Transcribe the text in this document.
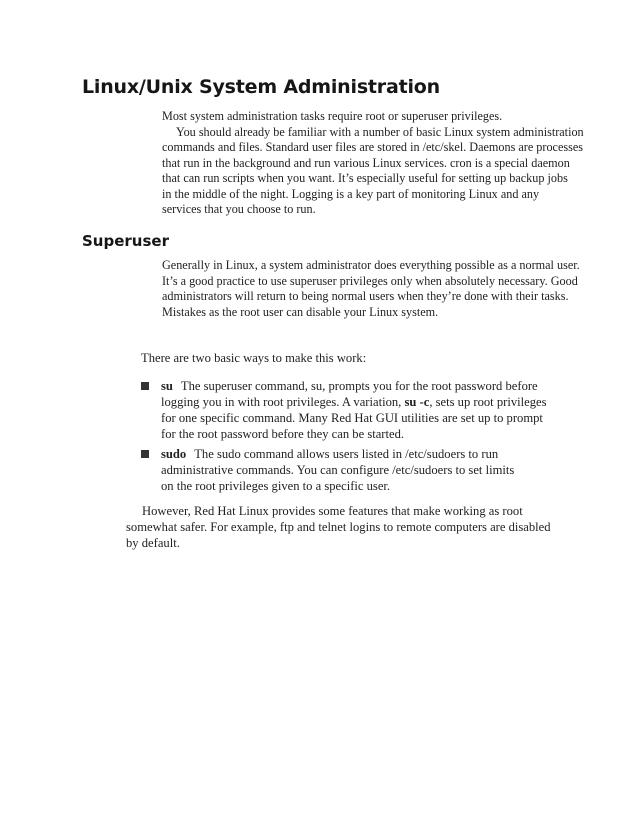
Linux/Unix System Administration
Most system administration tasks require root or superuser privileges.
You should already be familiar with a number of basic Linux system administration
commands and files. Standard user files are stored in /etc/skel. Daemons are processes
that run in the background and run various Linux services. cron is a special daemon
that can run scripts when you want. It’s especially useful for setting up backup jobs
in the middle of the night. Logging is a key part of monitoring Linux and any
services that you choose to run.
Superuser
Generally in Linux, a system administrator does everything possible as a normal user.
It’s a good practice to use superuser privileges only when absolutely necessary. Good
administrators will return to being normal users when they’re done with their tasks.
Mistakes as the root user can disable your Linux system.
There are two basic ways to make this work:
su The superuser command, su, prompts you for the root password before
logging you in with root privileges. A variation, su -c, sets up root privileges
for one specific command. Many Red Hat GUI utilities are set up to prompt
for the root password before they can be started.
sudo The sudo command allows users listed in /etc/sudoers to run
administrative commands. You can configure /etc/sudoers to set limits
on the root privileges given to a specific user.
However, Red Hat Linux provides some features that make working as root
somewhat safer. For example, ftp and telnet logins to remote computers are disabled
by default.
